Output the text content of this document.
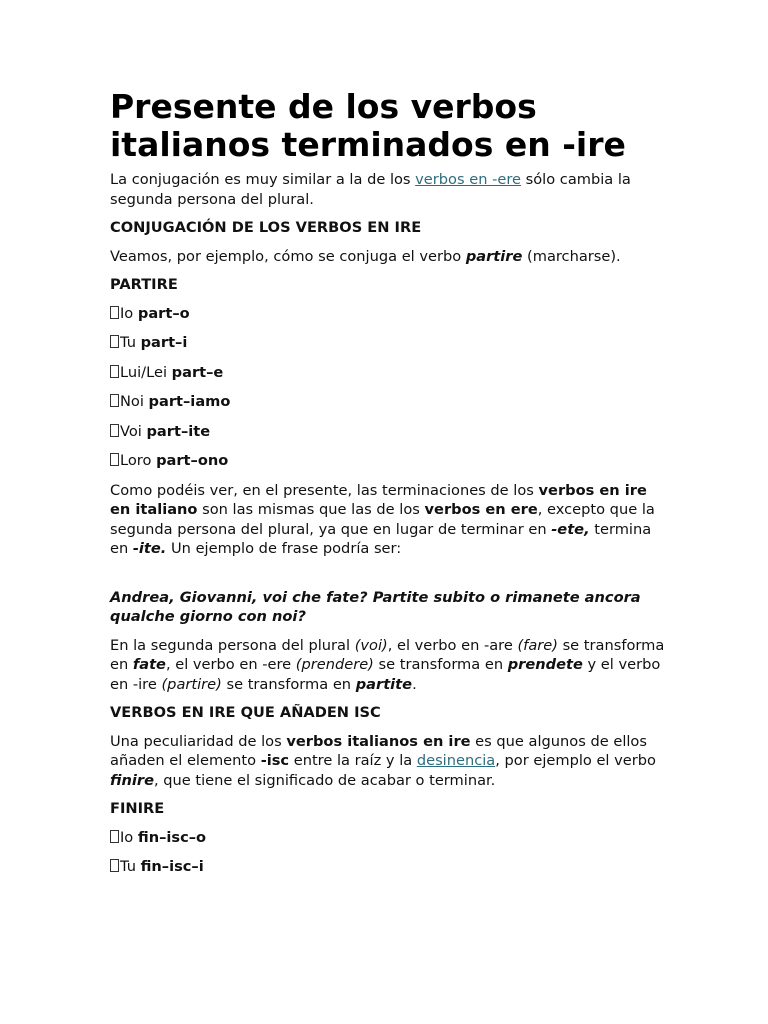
Presente de los verbos italianos terminados en -ire

La conjugación es muy similar a la de los verbos en -ere sólo cambia la segunda persona del plural.

CONJUGACIÓN DE LOS VERBOS EN IRE

Veamos, por ejemplo, cómo se conjuga el verbo partire (marcharse).

PARTIRE

Io part–o

Tu part–i

Lui/Lei part–e

Noi part–iamo

Voi part–ite

Loro part–ono

Como podéis ver, en el presente, las terminaciones de los verbos en ire en italiano son las mismas que las de los verbos en ere, excepto que la segunda persona del plural, ya que en lugar de terminar en -ete, termina en -ite. Un ejemplo de frase podría ser:

Andrea, Giovanni, voi che fate? Partite subito o rimanete ancora qualche giorno con noi?

En la segunda persona del plural (voi), el verbo en -are (fare) se transforma en fate, el verbo en -ere (prendere) se transforma en prendete y el verbo en -ire (partire) se transforma en partite.

VERBOS EN IRE QUE AÑADEN ISC

Una peculiaridad de los verbos italianos en ire es que algunos de ellos añaden el elemento -isc entre la raíz y la desinencia, por ejemplo el verbo finire, que tiene el significado de acabar o terminar.

FINIRE

Io fin–isc–o

Tu fin–isc–i
